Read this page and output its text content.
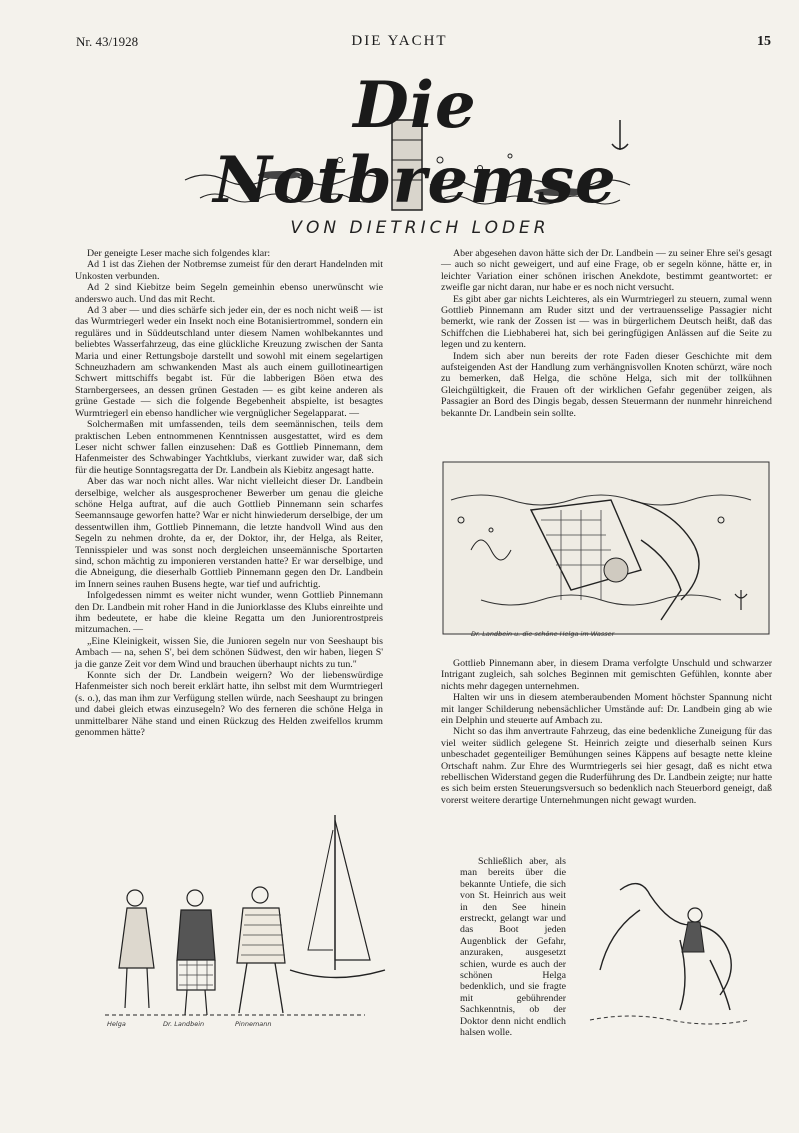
Nr. 43/1928	DIE YACHT	15
Die Notbremse
VON DIETRICH LODER

Der geneigte Leser mache sich folgendes klar:

Ad 1 ist das Ziehen der Notbremse zumeist für den derart Handelnden mit Unkosten verbunden.

Ad 2 sind Kiebitze beim Segeln gemeinhin ebenso unerwünscht wie anderswo auch. Und das mit Recht.

Ad 3 aber — und dies schärfe sich jeder ein, der es noch nicht weiß — ist das Wurmtriegerl weder ein Insekt noch eine Botanisiertrommel, sondern ein reguläres und in Süddeutschland unter diesem Namen wohlbekanntes und beliebtes Wasserfahrzeug, das eine glückliche Kreuzung zwischen der Santa Maria und einer Rettungsboje darstellt und sowohl mit einem segelartigen Schneuzhadern am schwankenden Mast als auch einem guillotineartigen Schwert mittschiffs begabt ist. Für die labberigen Böen etwa des Starnbergersees, an dessen grünen Gestaden — es gibt keine anderen als grüne Gestade — sich die folgende Begebenheit abspielte, ist besagtes Wurmtriegerl ein ebenso handlicher wie vergnüglicher Segelapparat. —

Solchermaßen mit umfassenden, teils dem seemännischen, teils dem praktischen Leben entnommenen Kenntnissen ausgestattet, wird es dem Leser nicht schwer fallen einzusehen: Daß es Gottlieb Pinnemann, dem Hafenmeister des Schwabinger Yachtklubs, vierkant zuwider war, daß sich für die heutige Sonntagsregatta der Dr. Landbein als Kiebitz angesagt hatte.

Aber das war noch nicht alles. War nicht vielleicht dieser Dr. Landbein derselbige, welcher als ausgesprochener Bewerber um genau die gleiche schöne Helga auftrat, auf die auch Gottlieb Pinnemann sein scharfes Seemannsauge geworfen hatte? War er nicht hinwiederum derselbige, der um dessentwillen ihm, Gottlieb Pinnemann, die letzte handvoll Wind aus den Segeln zu nehmen drohte, da er, der Doktor, ihr, der Helga, als Reiter, Tennisspieler und was sonst noch dergleichen unseemännische Sportarten sind, schon mächtig zu imponieren verstanden hatte? Er war derselbige, und die Abneigung, die dieserhalb Gottlieb Pinnemann gegen den Dr. Landbein im Innern seines rauhen Busens hegte, war tief und aufrichtig.

Infolgedessen nimmt es weiter nicht wunder, wenn Gottlieb Pinnemann den Dr. Landbein mit roher Hand in die Juniorklasse des Klubs einreihte und ihm bedeutete, er habe die kleine Regatta um den Juniorentrostpreis mitzumachen. —

„Eine Kleinigkeit, wissen Sie, die Junioren segeln nur von Seeshaupt bis Ambach — na, sehen S', bei dem schönen Südwest, den wir haben, liegen S' ja die ganze Zeit vor dem Wind und brauchen überhaupt nichts zu tun."

Konnte sich der Dr. Landbein weigern? Wo der liebenswürdige Hafenmeister sich noch bereit erklärt hatte, ihn selbst mit dem Wurmtriegerl (s. o.), das man ihm zur Verfügung stellen würde, nach Seeshaupt zu bringen und dabei gleich etwas einzusegeln? Wo des ferneren die schöne Helga in unmittelbarer Nähe stand und einen Rückzug des Helden zweifellos krumm genommen hätte?

Aber abgesehen davon hätte sich der Dr. Landbein — zu seiner Ehre sei's gesagt — auch so nicht geweigert, und auf eine Frage, ob er segeln könne, hätte er, in leichter Variation einer schönen irischen Anekdote, bestimmt geantwortet: er zweifle gar nicht daran, nur habe er es noch nicht versucht.

Es gibt aber gar nichts Leichteres, als ein Wurmtriegerl zu steuern, zumal wenn Gottlieb Pinnemann am Ruder sitzt und der vertrauensselige Passagier nicht bemerkt, wie rank der Zossen ist — was in bürgerlichem Deutsch heißt, daß das Schiffchen die Liebhaberei hat, sich bei geringfügigen Anlässen auf die Seite zu legen und zu kentern.

Indem sich aber nun bereits der rote Faden dieser Geschichte mit dem aufsteigenden Ast der Handlung zum verhängnisvollen Knoten schürzt, wäre noch zu bemerken, daß Helga, die schöne Helga, sich mit der tollkühnen Gleichgültigkeit, die Frauen oft der wirklichen Gefahr gegenüber zeigen, als Passagier an Bord des Dingis begab, dessen Steuermann der nunmehr hinreichend bekannte Dr. Landbein sein sollte.

Dr. Landbein u. die schöne Helga im Wasser

Gottlieb Pinnemann aber, in diesem Drama verfolgte Unschuld und schwarzer Intrigant zugleich, sah solches Beginnen mit gemischten Gefühlen, konnte aber nichts mehr dagegen unternehmen.

Halten wir uns in diesem atemberaubenden Moment höchster Spannung nicht mit langer Schilderung nebensächlicher Umstände auf: Dr. Landbein ging ab wie ein Delphin und steuerte auf Ambach zu.

Nicht so das ihm anvertraute Fahrzeug, das eine bedenkliche Zuneigung für das viel weiter südlich gelegene St. Heinrich zeigte und dieserhalb seinen Kurs unbeschadet gegenteiliger Bemühungen seines Käppens auf besagte nette kleine Ortschaft nahm. Zur Ehre des Wurmtriegerls sei hier gesagt, daß es nicht etwa rebellischen Widerstand gegen die Ruderführung des Dr. Landbein zeigte; nur hatte es sich beim ersten Steuerungsversuch so bedenklich nach Steuerbord geneigt, daß vorerst weitere derartige Unternehmungen nicht gewagt wurden.

Schließlich aber, als man bereits über die bekannte Untiefe, die sich von St. Heinrich aus weit in den See hinein erstreckt, gelangt war und das Boot jeden Augenblick der Gefahr, anzuraken, ausgesetzt schien, wurde es auch der schönen Helga bedenklich, und sie fragte mit gebührender Sachkenntnis, ob der Doktor denn nicht endlich halsen wolle.

Helga	Dr. Landbein	Pinnemann
